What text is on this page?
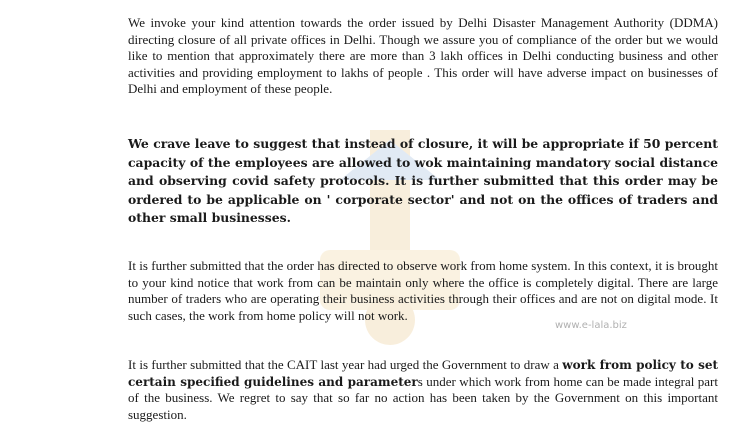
www.e-lala.biz

We invoke your kind attention towards the order issued by Delhi Disaster Management Authority (DDMA) directing closure of all private offices in Delhi. Though we assure you of compliance of the order but we would like to mention that approximately there are more than 3 lakh offices in Delhi conducting business and other activities and providing employment to lakhs of people . This order will have adverse impact on businesses of Delhi and employment of these people.

We crave leave to suggest that instead of closure, it will be appropriate if 50 percent capacity of the employees are allowed to wok maintaining mandatory social distance and observing covid safety protocols. It is further submitted that this order may be ordered to be applicable on ' corporate sector' and not on the offices of traders and other small businesses.

It is further submitted that the order has directed to observe work from home system. In this context, it is brought to your kind notice that work from can be maintain only where the office is completely digital. There are large number of traders who are operating their business activities through their offices and are not on digital mode. It such cases, the work from home policy will not work.

It is further submitted that the CAIT last year had urged the Government to draw a work from policy to set certain specified guidelines and parameters under which work from home can be made integral part of the business. We regret to say that so far no action has been taken by the Government on this important suggestion.
